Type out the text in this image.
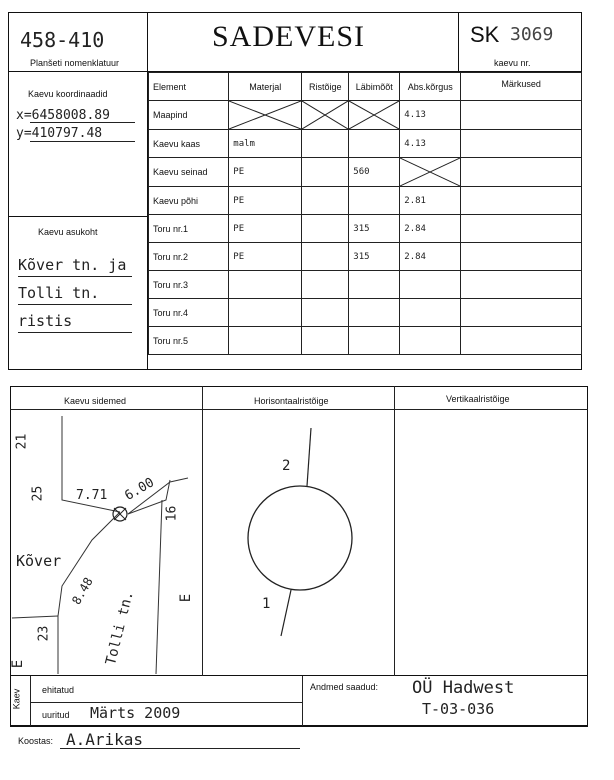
458-410
Planšeti nomenklatuur
SADEVESI	SK 3069
kaevu nr.
Kaevu koordinaadid
x=6458008.89
y=410797.48
Kaevu asukoht
Kõver tn. ja
Tolli tn.
ristis
Element	Materjal	Ristõige	Läbimõõt	Abs.kõrgus	Märkused
Maapind				4.13	
Kaevu kaas	malm			4.13	
Kaevu seinad	PE		560	

Kaevu põhi	PE			2.81	
Toru nr.1	PE		315	2.84	
Toru nr.2	PE		315	2.84	
Toru nr.3					
Toru nr.4					
Toru nr.5					
Kaevu sidemed	Horisontaalristõige	Vertikaalristõige
7.71 6.00
8.48
25
16
23
21
Kõver
Tolli tn.	E
E
2
1
Kaev ehitatud
uuritud Märts 2009
Andmed saadud: OÜ Hadwest
T-03-036
Koostas: A.Arikas
